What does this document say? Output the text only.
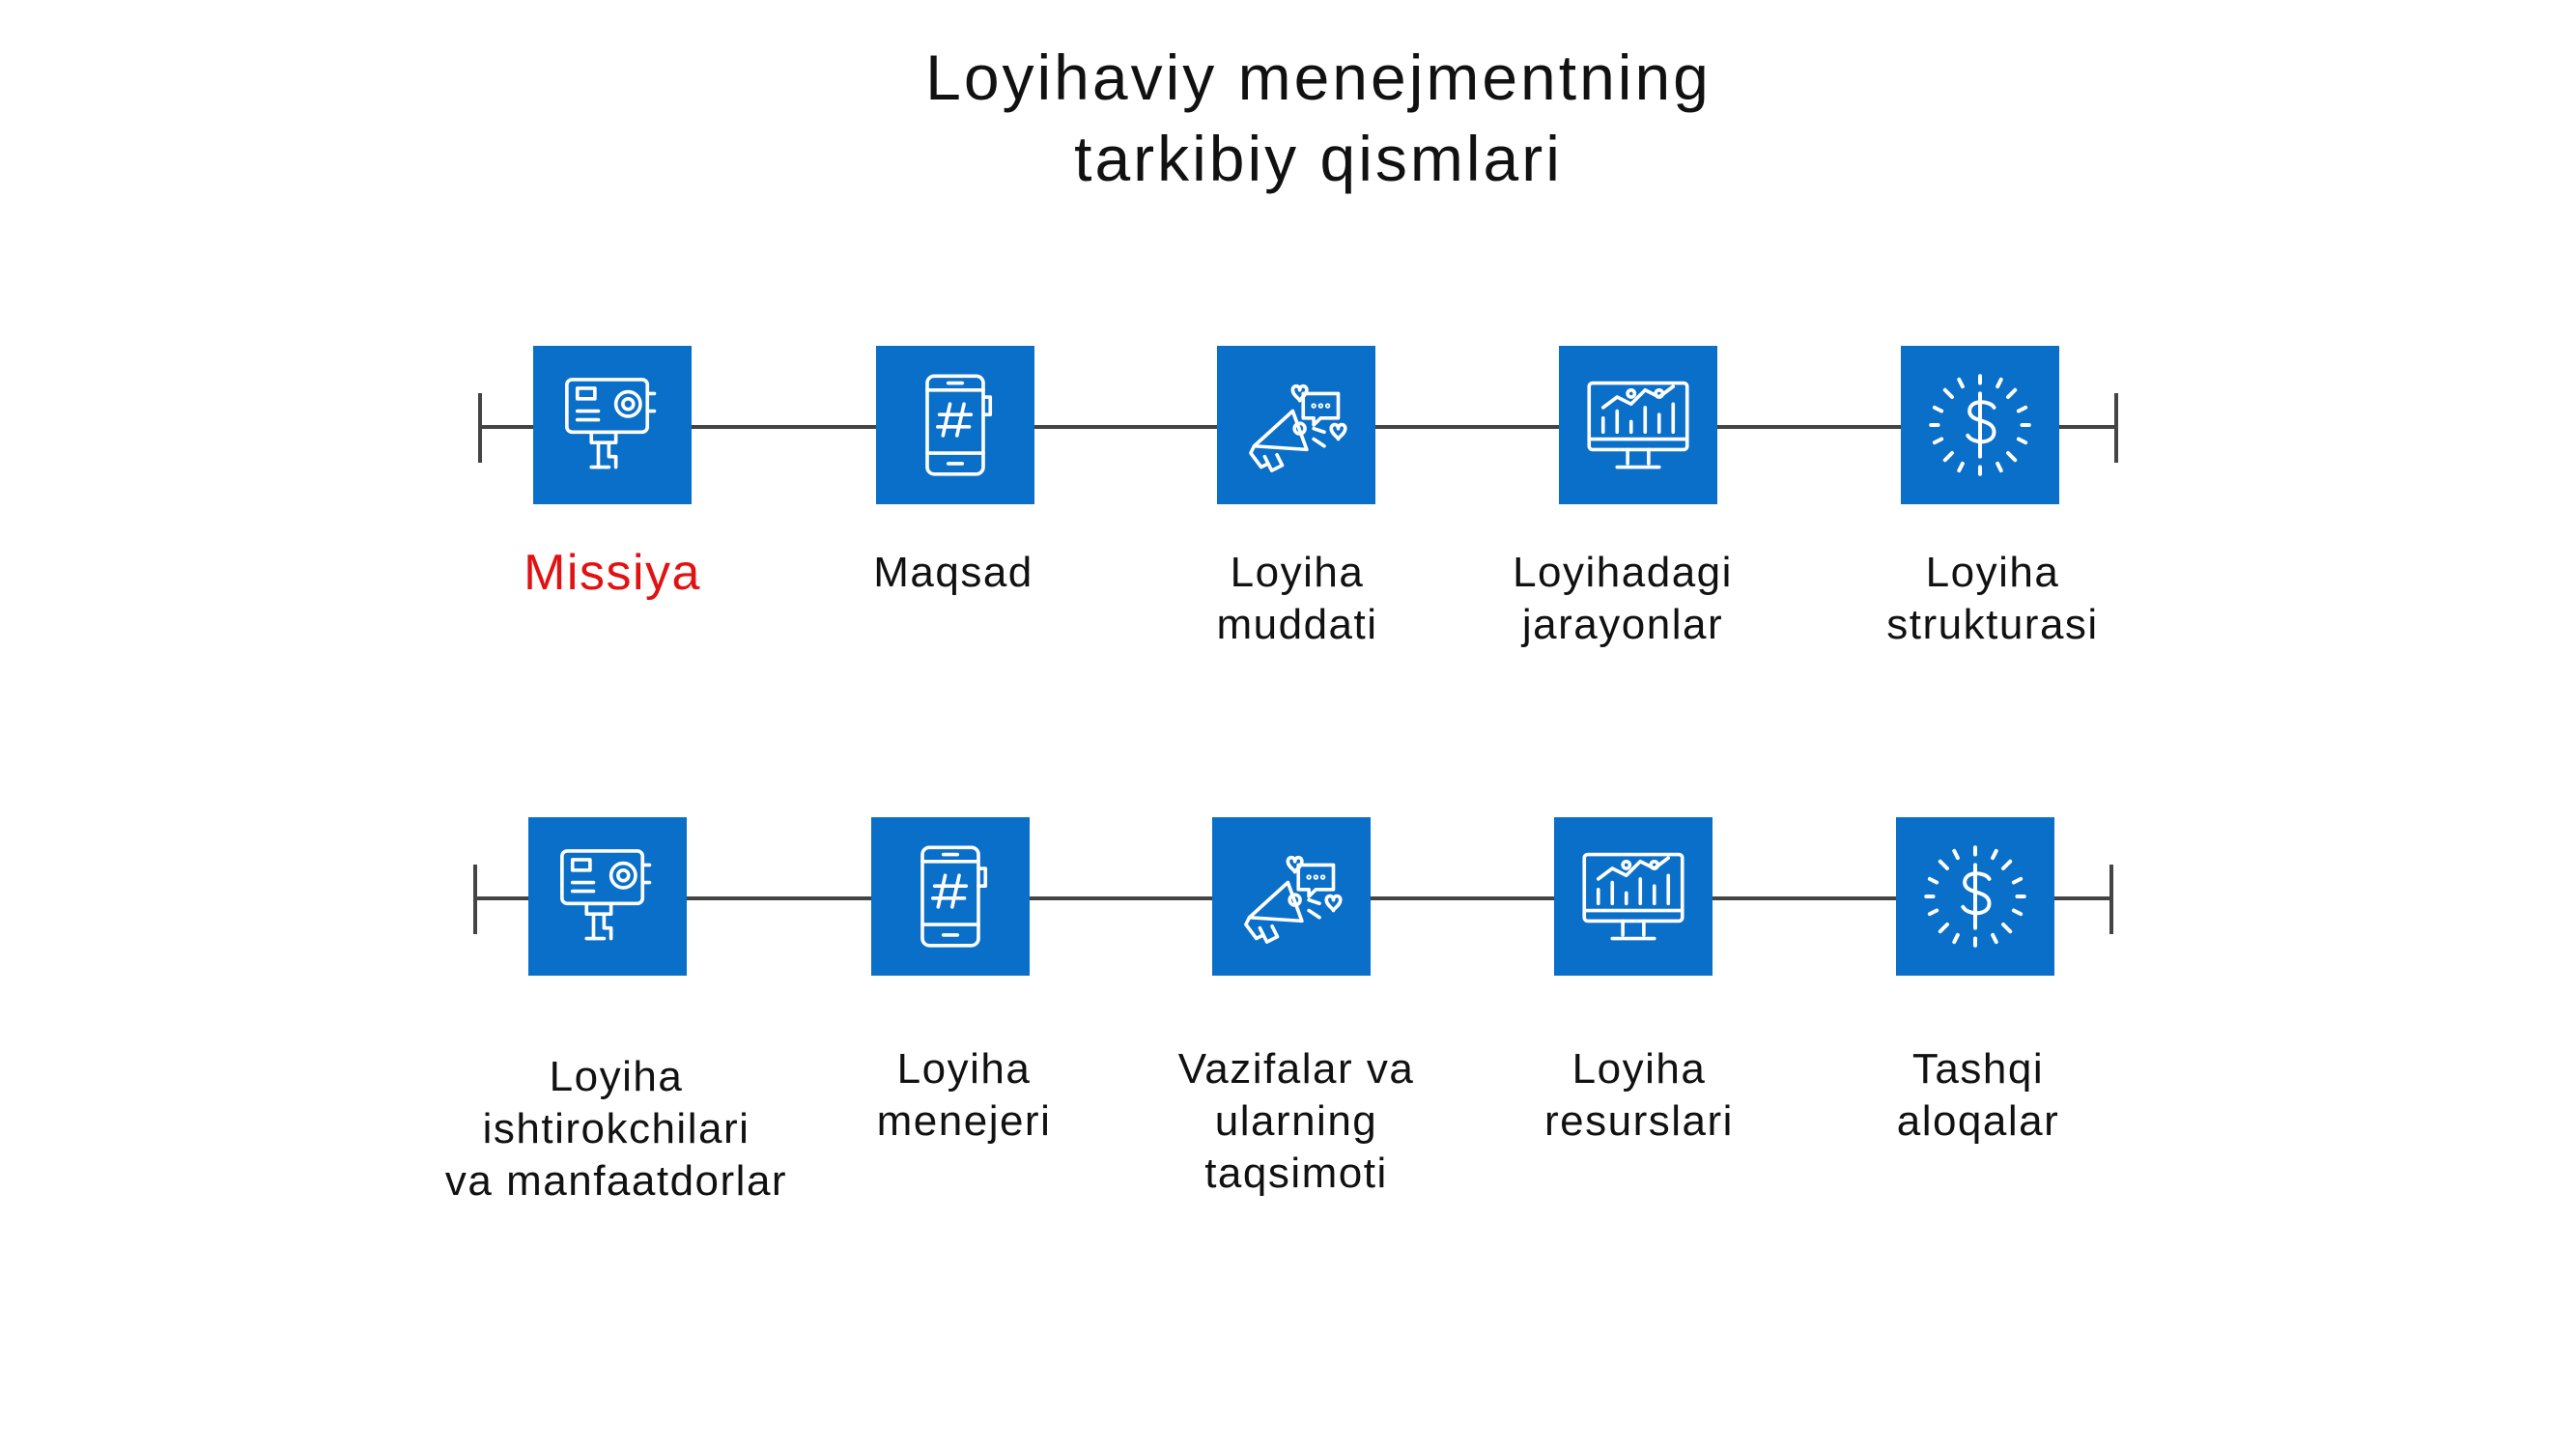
Loyihaviy menejmentning
tarkibiy qismlari
Missiya	Maqsad	Loyiha
muddati
Loyihadagi
jarayonlar
Loyiha
strukturasi
Loyiha
ishtirokchilari
va manfaatdorlar
Loyiha
menejeri
Vazifalar va
ularning
taqsimoti
Loyiha
resurslari
Tashqi
aloqalar
